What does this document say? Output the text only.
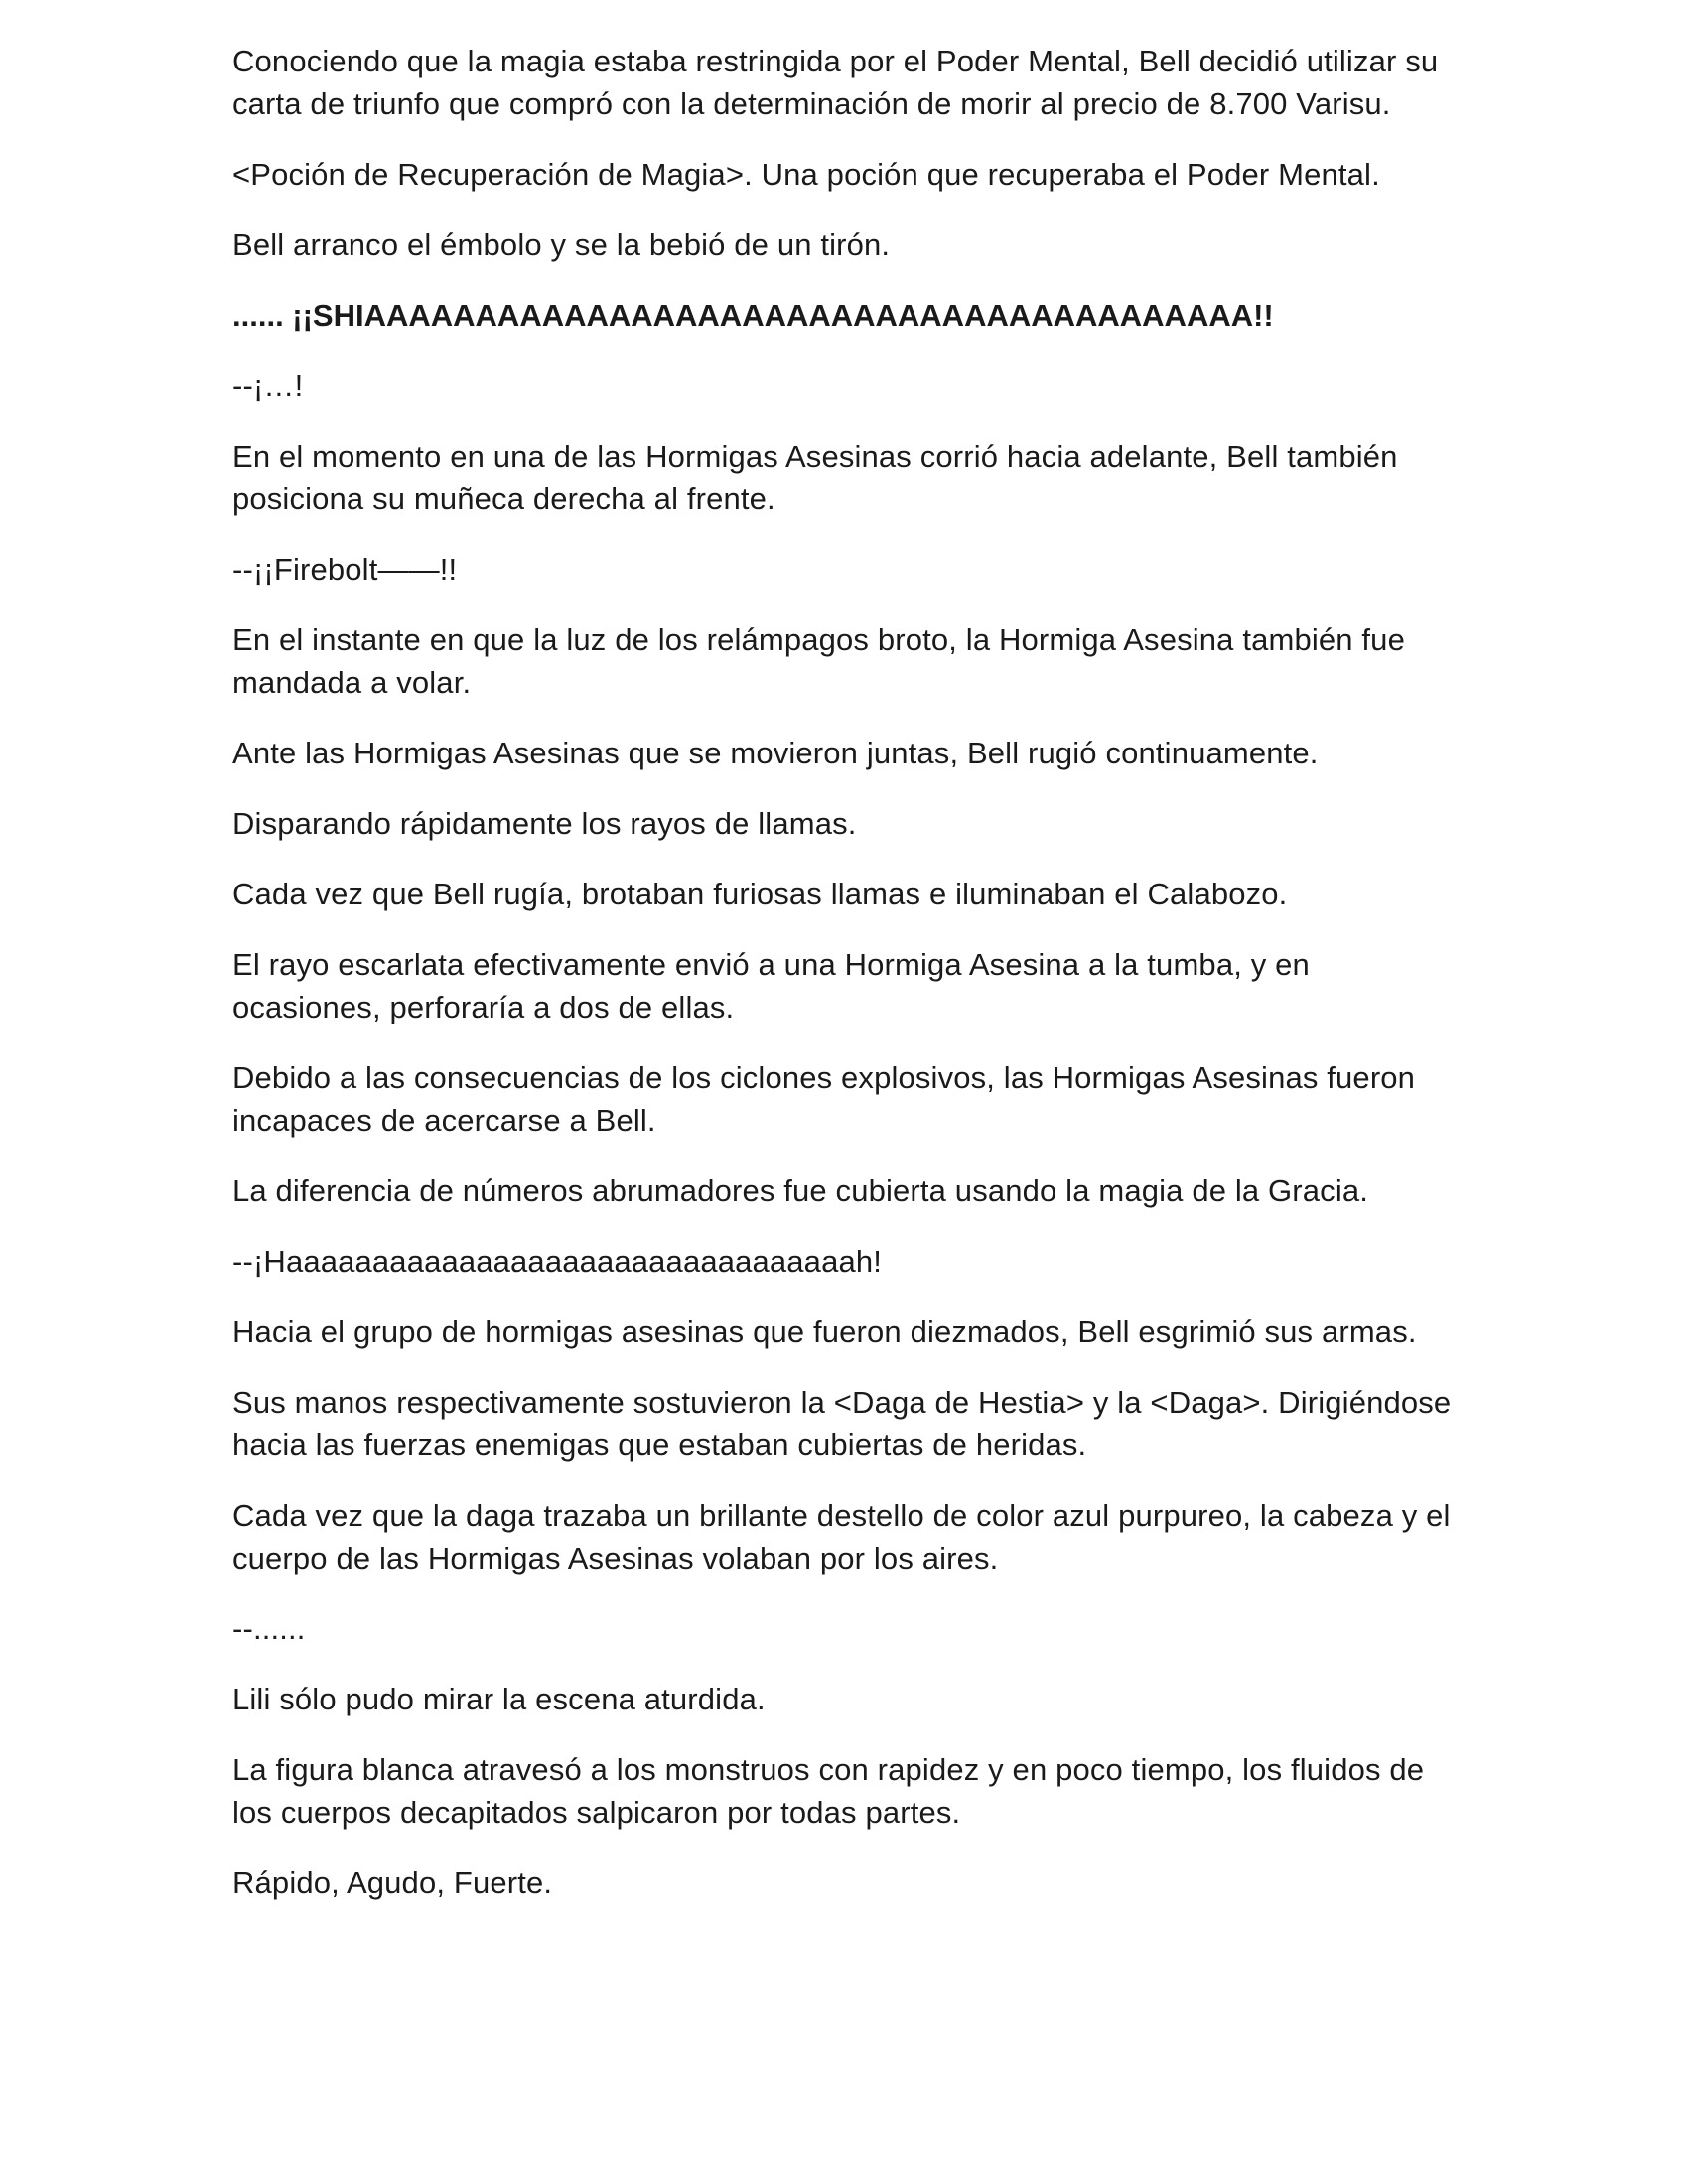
Conociendo que la magia estaba restringida por el Poder Mental, Bell decidió utilizar su carta de triunfo que compró con la determinación de morir al precio de 8.700 Varisu.

<Poción de Recuperación de Magia>. Una poción que recuperaba el Poder Mental.

Bell arranco el émbolo y se la bebió de un tirón.

...... ¡¡SHIAAAAAAAAAAAAAAAAAAAAAAAAAAAAAAAAAAAAAAAA!!

--¡…!

En el momento en una de las Hormigas Asesinas corrió hacia adelante, Bell también posiciona su muñeca derecha al frente.

--¡¡Firebolt——!!

En el instante en que la luz de los relámpagos broto, la Hormiga Asesina también fue mandada a volar.

Ante las Hormigas Asesinas que se movieron juntas, Bell rugió continuamente.

Disparando rápidamente los rayos de llamas.

Cada vez que Bell rugía, brotaban furiosas llamas e iluminaban el Calabozo.

El rayo escarlata efectivamente envió a una Hormiga Asesina a la tumba, y en ocasiones, perforaría a dos de ellas.

Debido a las consecuencias de los ciclones explosivos, las Hormigas Asesinas fueron incapaces de acercarse a Bell.

La diferencia de números abrumadores fue cubierta usando la magia de la Gracia.

--¡Haaaaaaaaaaaaaaaaaaaaaaaaaaaaaaaaah!

Hacia el grupo de hormigas asesinas que fueron diezmados, Bell esgrimió sus armas.

Sus manos respectivamente sostuvieron la <Daga de Hestia> y la <Daga>. Dirigiéndose hacia las fuerzas enemigas que estaban cubiertas de heridas.

Cada vez que la daga trazaba un brillante destello de color azul purpureo, la cabeza y el cuerpo de las Hormigas Asesinas volaban por los aires.

--......

Lili sólo pudo mirar la escena aturdida.

La figura blanca atravesó a los monstruos con rapidez y en poco tiempo, los fluidos de los cuerpos decapitados salpicaron por todas partes.

Rápido, Agudo, Fuerte.
